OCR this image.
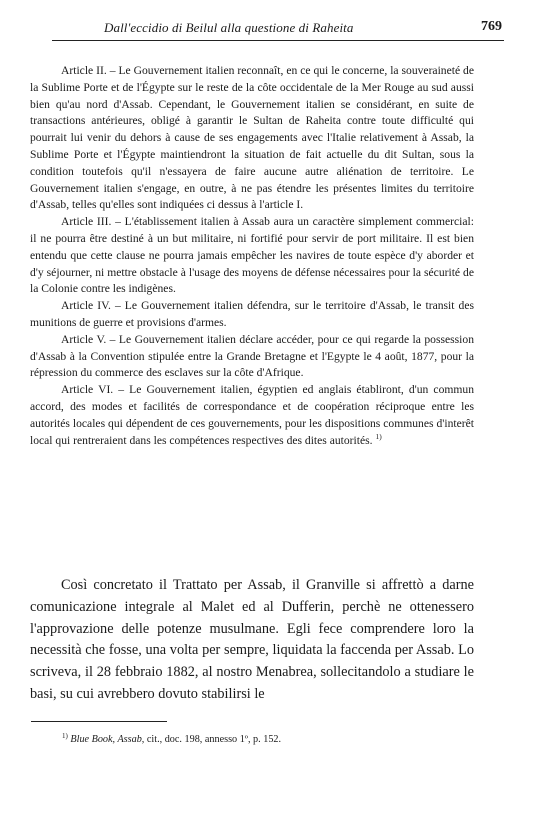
Dall'eccidio di Beilul alla questione di Raheita	769

Article II. – Le Gouvernement italien reconnaît, en ce qui le concerne, la souveraineté de la Sublime Porte et de l'Égypte sur le reste de la côte occidentale de la Mer Rouge au sud aussi bien qu'au nord d'Assab. Cependant, le Gouvernement italien se considérant, en suite de transactions antérieures, obligé à garantir le Sultan de Raheita contre toute difficulté qui pourrait lui venir du dehors à cause de ses engagements avec l'Italie relativement à Assab, la Sublime Porte et l'Égypte maintiendront la situation de fait actuelle du dit Sultan, sous la condition toutefois qu'il n'essayera de faire aucune autre aliénation de territoire. Le Gouvernement italien s'engage, en outre, à ne pas étendre les présentes limites du territoire d'Assab, telles qu'elles sont indiquées ci dessus à l'article I.

Article III. – L'établissement italien à Assab aura un caractère simplement commercial: il ne pourra être destiné à un but militaire, ni fortifié pour servir de port militaire. Il est bien entendu que cette clause ne pourra jamais empêcher les navires de toute espèce d'y aborder et d'y séjourner, ni mettre obstacle à l'usage des moyens de défense nécessaires pour la sécurité de la Colonie contre les indigènes.

Article IV. – Le Gouvernement italien défendra, sur le territoire d'Assab, le transit des munitions de guerre et provisions d'armes.

Article V. – Le Gouvernement italien déclare accéder, pour ce qui regarde la possession d'Assab à la Convention stipulée entre la Grande Bretagne et l'Egypte le 4 août, 1877, pour la répression du commerce des esclaves sur la côte d'Afrique.

Article VI. – Le Gouvernement italien, égyptien ed anglais établiront, d'un commun accord, des modes et facilités de correspondance et de coopération réciproque entre les autorités locales qui dépendent de ces gouvernements, pour les dispositions communes d'interêt local qui rentreraient dans les compétences respectives des dites autorités. $^{1)}$

Così concretato il Trattato per Assab, il Granville si affrettò a darne comunicazione integrale al Malet ed al Dufferin, perchè ne ottenessero l'approvazione delle potenze musulmane. Egli fece comprendere loro la necessità che fosse, una volta per sempre, liquidata la faccenda per Assab. Lo scriveva, il 28 febbraio 1882, al nostro Menabrea, sollecitandolo a studiare le basi, su cui avrebbero dovuto stabilirsi le

$^{1)}$ Blue Book, Assab, cit., doc. 198, annesso 1º, p. 152.
